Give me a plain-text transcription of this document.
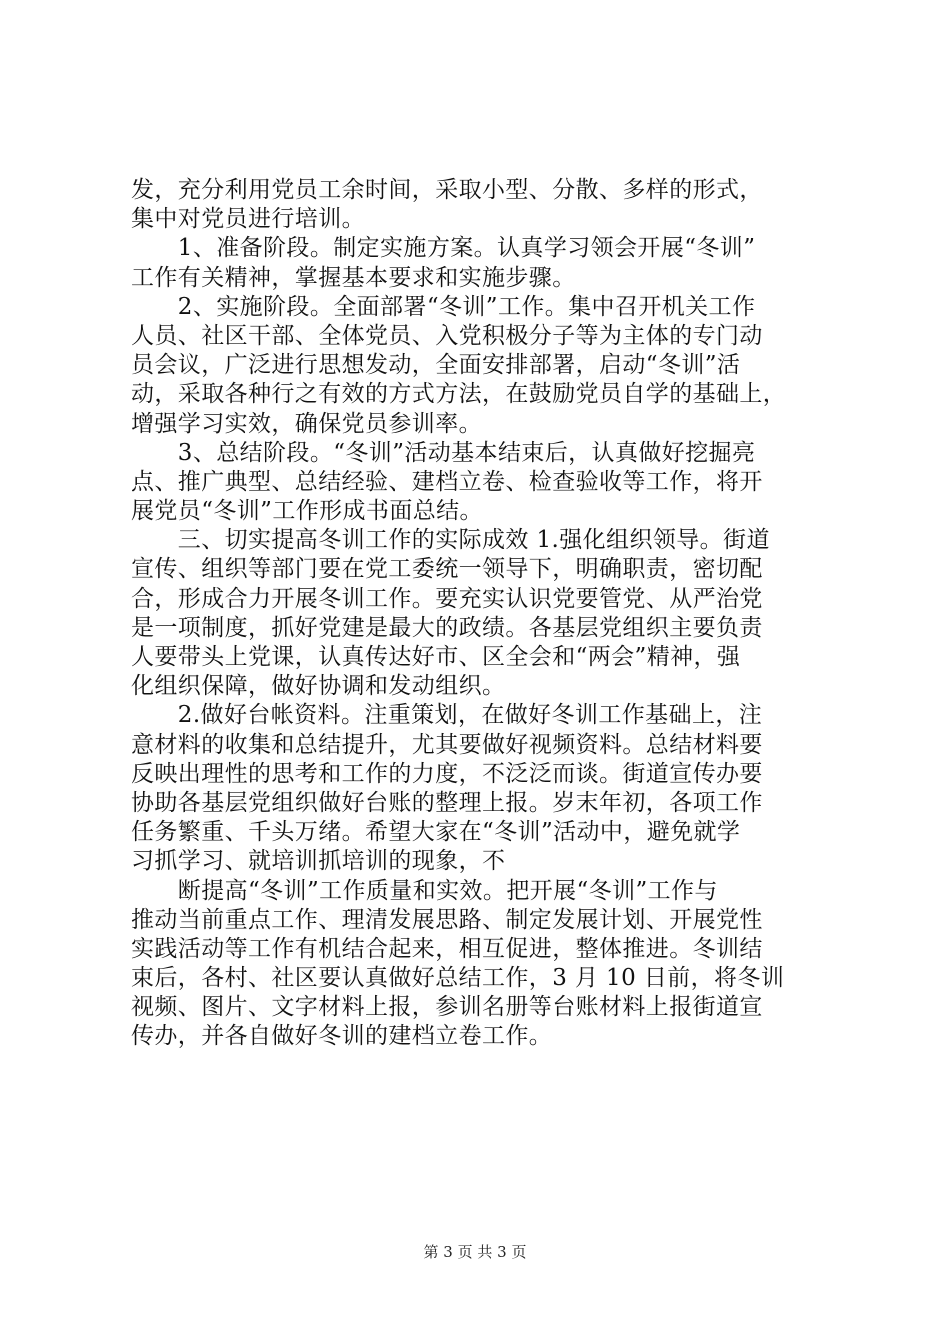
发，充分利用党员工余时间，采取小型、分散、多样的形式，
集中对党员进行培训。
　　1、准备阶段。制定实施方案。认真学习领会开展“冬训”
工作有关精神，掌握基本要求和实施步骤。
　　2、实施阶段。全面部署“冬训”工作。集中召开机关工作
人员、社区干部、全体党员、入党积极分子等为主体的专门动
员会议，广泛进行思想发动，全面安排部署，启动“冬训”活
动，采取各种行之有效的方式方法，在鼓励党员自学的基础上，
增强学习实效，确保党员参训率。
　　3、总结阶段。“冬训”活动基本结束后，认真做好挖掘亮
点、推广典型、总结经验、建档立卷、检查验收等工作，将开
展党员“冬训”工作形成书面总结。
　　三、切实提高冬训工作的实际成效 1.强化组织领导。街道
宣传、组织等部门要在党工委统一领导下，明确职责，密切配
合，形成合力开展冬训工作。要充实认识党要管党、从严治党
是一项制度，抓好党建是最大的政绩。各基层党组织主要负责
人要带头上党课，认真传达好市、区全会和“两会”精神，强
化组织保障，做好协调和发动组织。
　　2.做好台帐资料。注重策划，在做好冬训工作基础上，注
意材料的收集和总结提升，尤其要做好视频资料。总结材料要
反映出理性的思考和工作的力度，不泛泛而谈。街道宣传办要
协助各基层党组织做好台账的整理上报。岁末年初，各项工作
任务繁重、千头万绪。希望大家在“冬训”活动中，避免就学
习抓学习、就培训抓培训的现象，不
　　断提高“冬训”工作质量和实效。把开展“冬训”工作与
推动当前重点工作、理清发展思路、制定发展计划、开展党性
实践活动等工作有机结合起来，相互促进，整体推进。冬训结
束后，各村、社区要认真做好总结工作，3 月 10 日前，将冬训
视频、图片、文字材料上报，参训名册等台账材料上报街道宣
传办，并各自做好冬训的建档立卷工作。
第 3 页 共 3 页
